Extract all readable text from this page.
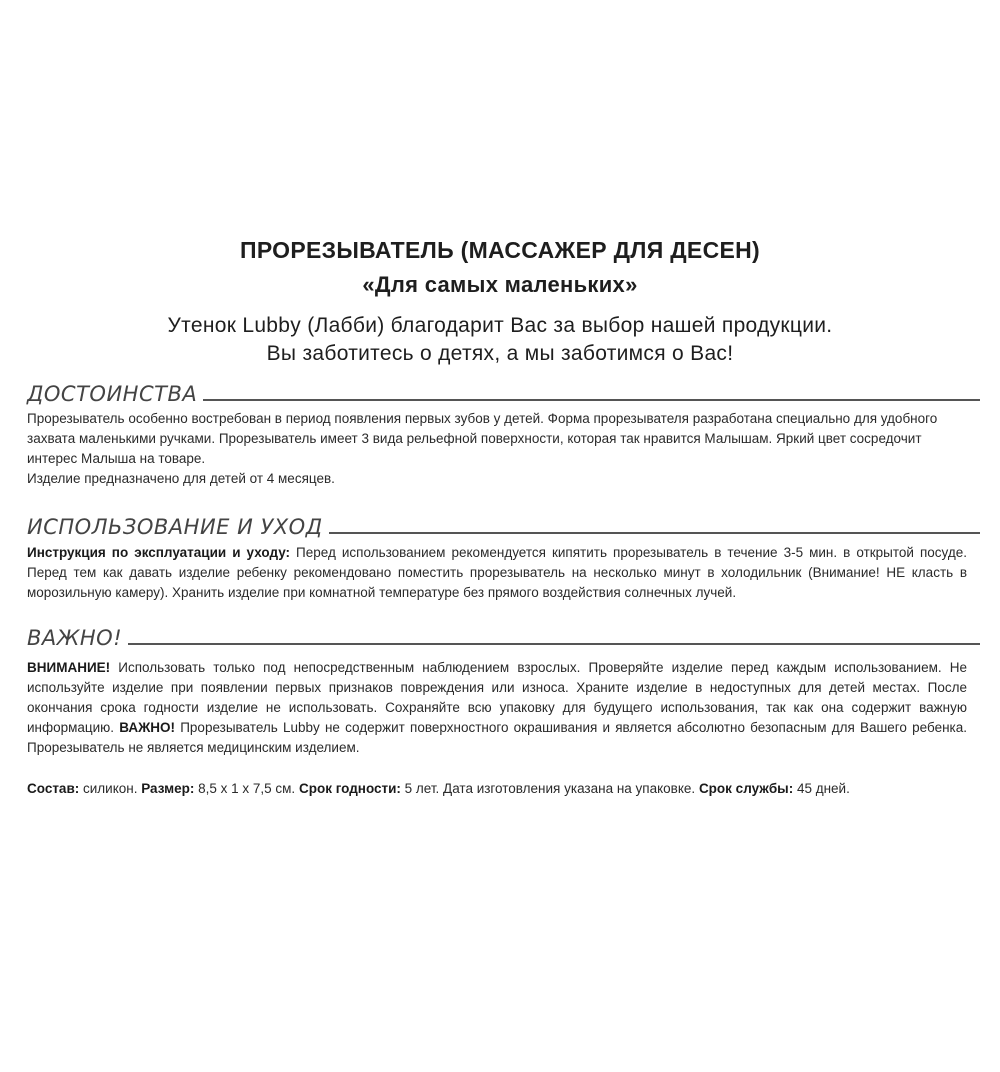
ПРОРЕЗЫВАТЕЛЬ (МАССАЖЕР ДЛЯ ДЕСЕН)
«Для самых маленьких»
Утенок Lubby (Лабби) благодарит Вас за выбор нашей продукции.
Вы заботитесь о детях, а мы заботимся о Вас!
ДОСТОИНСТВА
Прорезыватель особенно востребован в период появления первых зубов у детей. Форма прорезывателя разработана специально для удобного захвата маленькими ручками. Прорезыватель имеет 3 вида рельефной поверхности, которая так нравится Малышам. Яркий цвет сосредочит интерес Малыша на товаре.
Изделие предназначено для детей от 4 месяцев.
ИСПОЛЬЗОВАНИЕ И УХОД
Инструкция по эксплуатации и уходу: Перед использованием рекомендуется кипятить прорезыватель в течение 3-5 мин. в открытой посуде. Перед тем как давать изделие ребенку рекомендовано поместить прорезыватель на несколько минут в холодильник (Внимание! НЕ класть в морозильную камеру). Хранить изделие при комнатной температуре без прямого воздействия солнечных лучей.
ВАЖНО!
ВНИМАНИЕ! Использовать только под непосредственным наблюдением взрослых. Проверяйте изделие перед каждым использованием. Не используйте изделие при появлении первых признаков повреждения или износа. Храните изделие в недоступных для детей местах. После окончания срока годности изделие не использовать. Сохраняйте всю упаковку для будущего использования, так как она содержит важную информацию. ВАЖНО! Прорезыватель Lubby не содержит поверхностного окрашивания и является абсолютно безопасным для Вашего ребенка. Прорезыватель не является медицинским изделием.
Состав: силикон. Размер: 8,5 х 1 х 7,5 см. Срок годности: 5 лет. Дата изготовления указана на упаковке. Срок службы: 45 дней.
